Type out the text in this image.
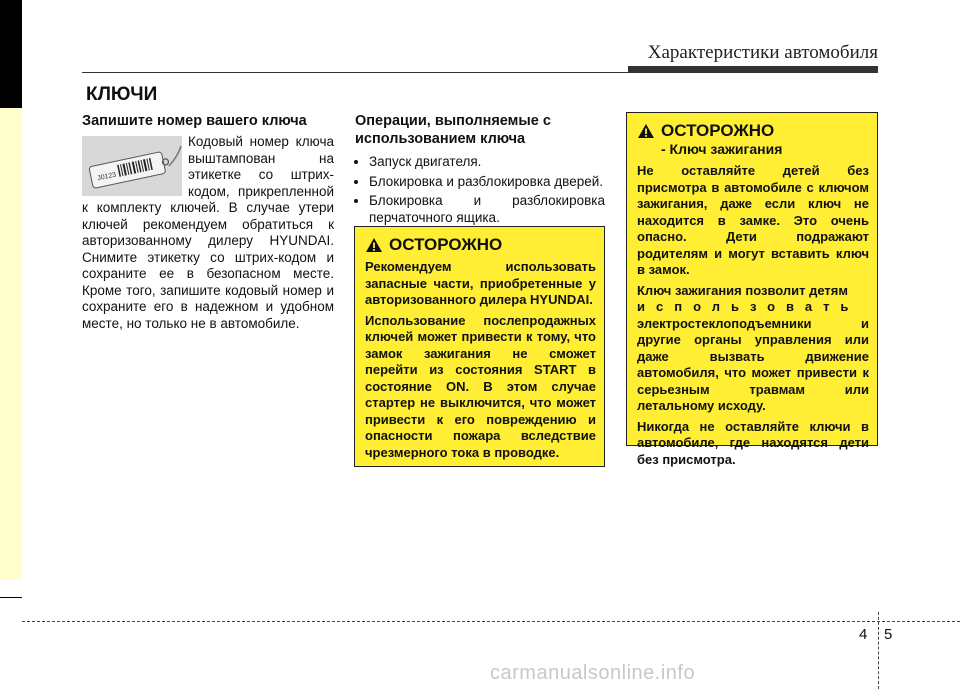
Характеристики автомобиля
КЛЮЧИ
Запишите номер вашего ключа
J0123
Кодовый номер ключа выштампован на этикетке со штрих-кодом, прикрепленной к комплекту ключей. В случае утери ключей рекомендуем обратиться к авторизованному дилеру HYUNDAI. Снимите этикетку со штрих-кодом и сохраните ее в безопасном месте. Кроме того, запишите кодовый номер и сохраните его в надежном и удобном месте, но только не в автомобиле.
Операции, выполняемые с использованием ключа
• Запуск двигателя.
• Блокировка и разблокировка дверей.
• Блокировка и разблокировка перчаточного ящика.
ОСТОРОЖНО

Рекомендуем использовать запасные части, приобретенные у авторизованного дилера HYUNDAI.

Использование послепродажных ключей может привести к тому, что замок зажигания не сможет перейти из состояния START в состояние ON. В этом случае стартер не выключится, что может привести к его повреждению и опасности пожара вследствие чрезмерного тока в проводке.

ОСТОРОЖНО
- Ключ зажигания

Не оставляйте детей без присмотра в автомобиле с ключом зажигания, даже если ключ не находится в замке. Это очень опасно. Дети подражают родителям и могут вставить ключ в замок.

Ключ зажигания позволит детям
использовать
электростеклоподъемники и другие органы управления или даже вызвать движение автомобиля, что может привести к серьезным травмам или летальному исходу.

Никогда не оставляйте ключи в автомобиле, где находятся дети без присмотра.

4 5
carmanualsonline.info
